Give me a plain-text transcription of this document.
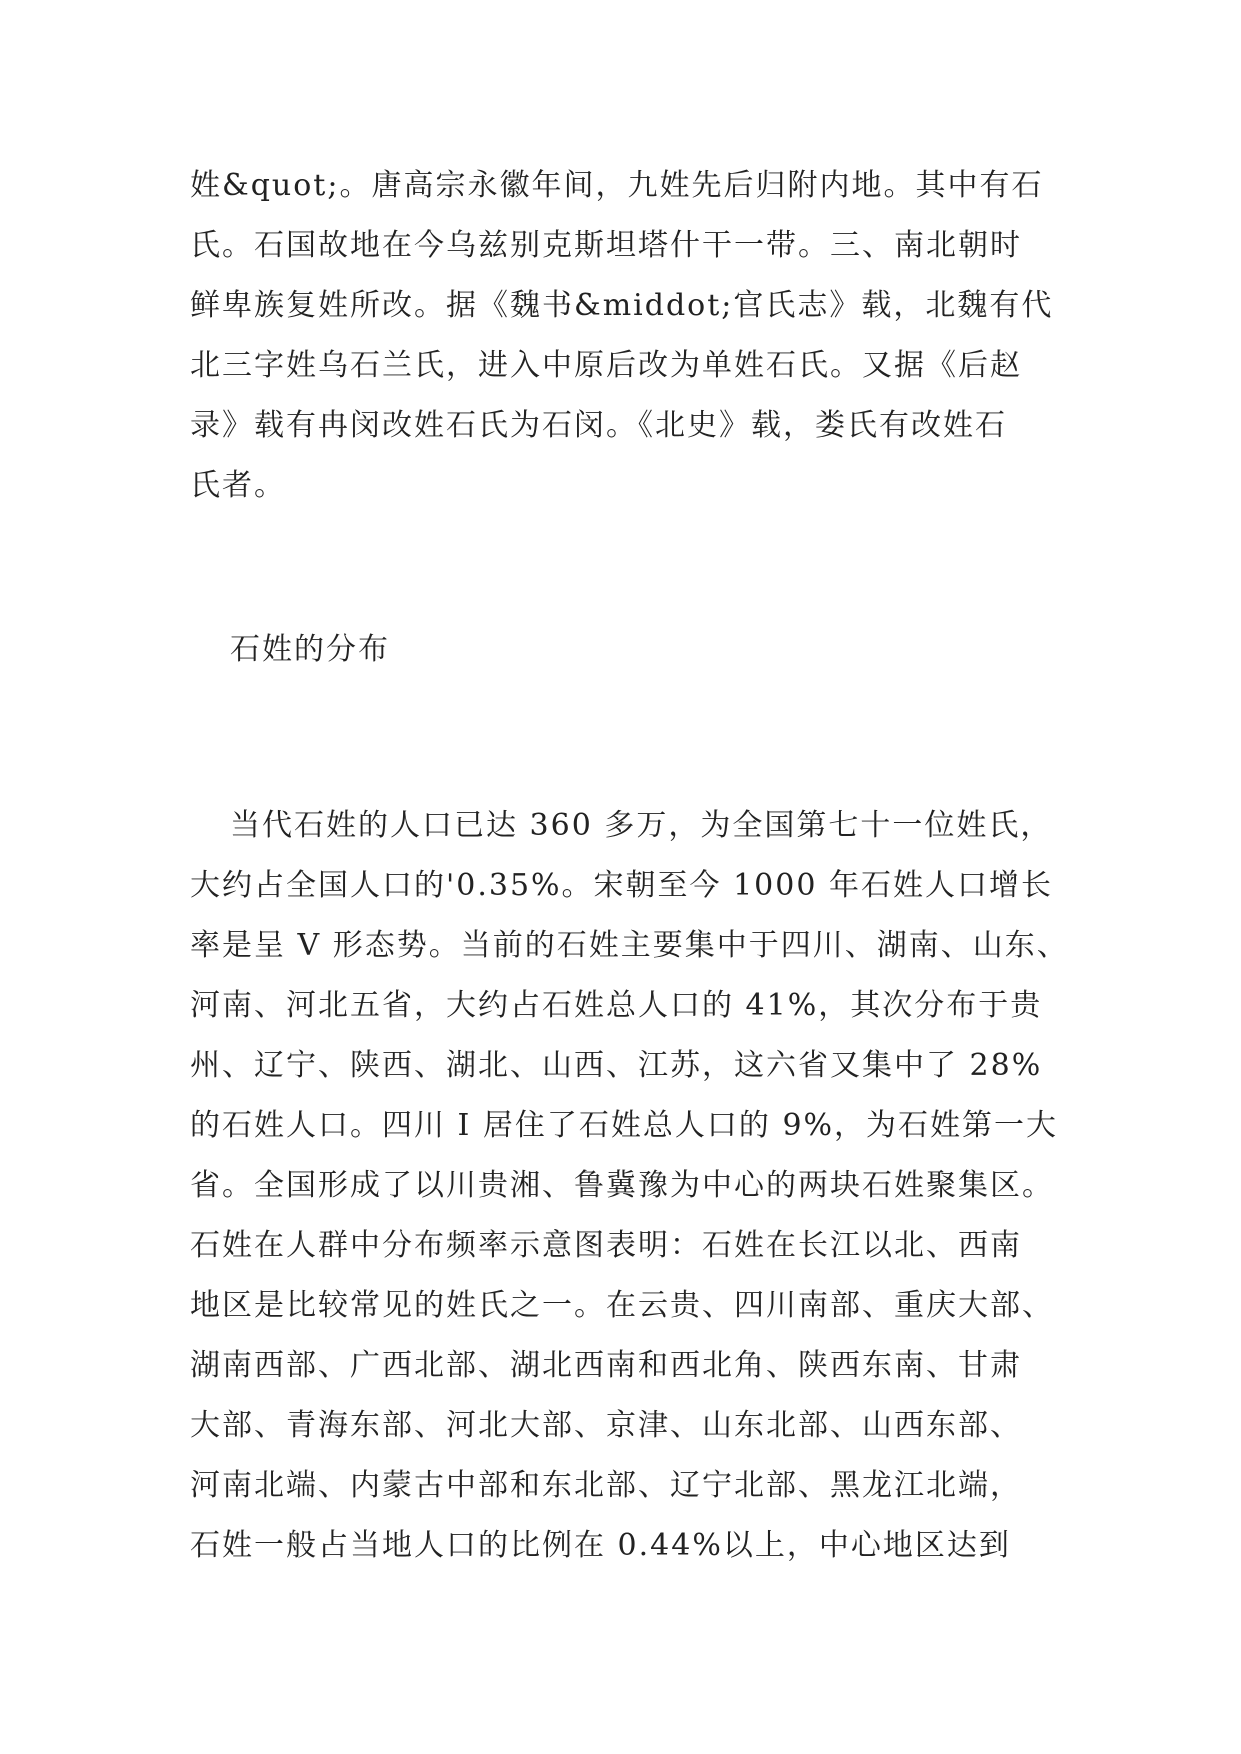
姓&quot;。唐高宗永徽年间，九姓先后归附内地。其中有石
氏。石国故地在今乌兹别克斯坦塔什干一带。三、南北朝时
鲜卑族复姓所改。据《魏书&middot;官氏志》载，北魏有代
北三字姓乌石兰氏，进入中原后改为单姓石氏。又据《后赵
录》载有冉闵改姓石氏为石闵。《北史》载，娄氏有改姓石
氏者。
石姓的分布
当代石姓的人口已达 360 多万，为全国第七十一位姓氏，
大约占全国人口的'0.35%。宋朝至今 1000 年石姓人口增长
率是呈 V 形态势。当前的石姓主要集中于四川、湖南、山东、
河南、河北五省，大约占石姓总人口的 41%，其次分布于贵
州、辽宁、陕西、湖北、山西、江苏，这六省又集中了 28%
的石姓人口。四川 I 居住了石姓总人口的 9%，为石姓第一大
省。全国形成了以川贵湘、鲁冀豫为中心的两块石姓聚集区。
石姓在人群中分布频率示意图表明：石姓在长江以北、西南
地区是比较常见的姓氏之一。在云贵、四川南部、重庆大部、
湖南西部、广西北部、湖北西南和西北角、陕西东南、甘肃
大部、青海东部、河北大部、京津、山东北部、山西东部、
河南北端、内蒙古中部和东北部、辽宁北部、黑龙江北端，
石姓一般占当地人口的比例在 0.44%以上，中心地区达到
